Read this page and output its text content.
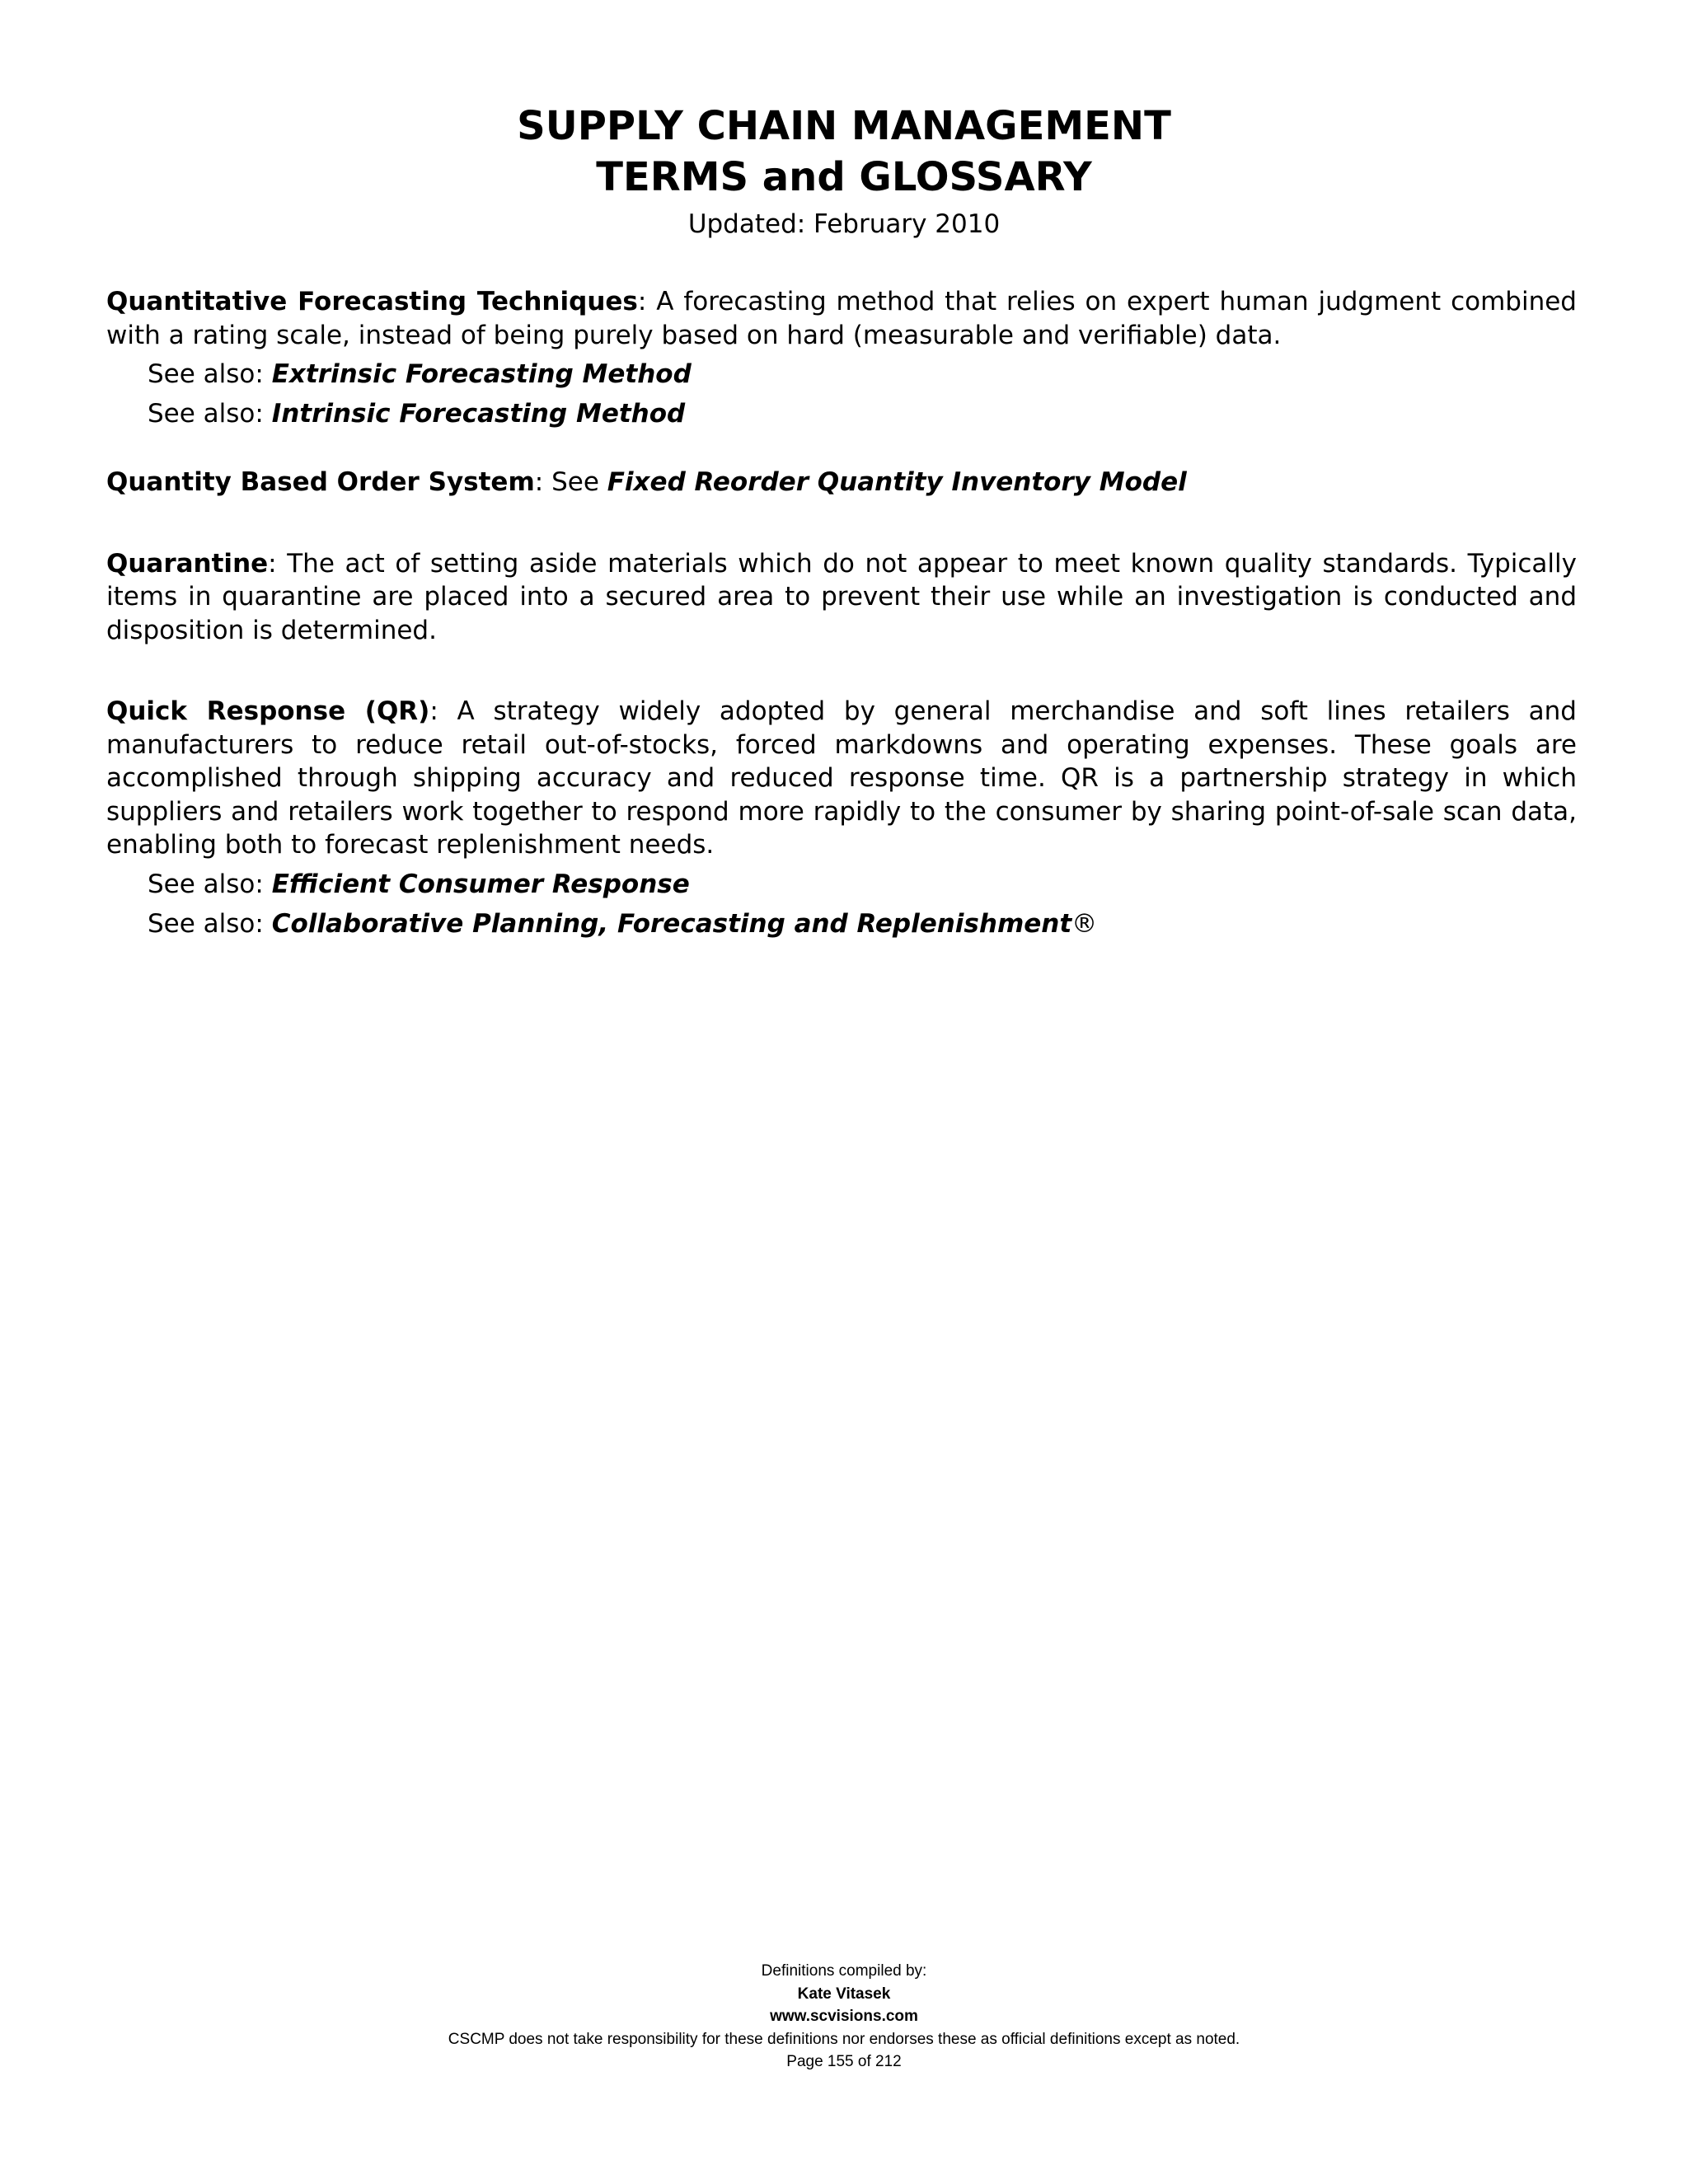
SUPPLY CHAIN MANAGEMENT
TERMS and GLOSSARY
Updated: February 2010

Quantitative Forecasting Techniques: A forecasting method that relies on expert human judgment combined with a rating scale, instead of being purely based on hard (measurable and verifiable) data.

See also: Extrinsic Forecasting Method
See also: Intrinsic Forecasting Method

Quantity Based Order System: See Fixed Reorder Quantity Inventory Model

Quarantine: The act of setting aside materials which do not appear to meet known quality standards. Typically items in quarantine are placed into a secured area to prevent their use while an investigation is conducted and disposition is determined.

Quick Response (QR): A strategy widely adopted by general merchandise and soft lines retailers and manufacturers to reduce retail out-of-stocks, forced markdowns and operating expenses. These goals are accomplished through shipping accuracy and reduced response time. QR is a partnership strategy in which suppliers and retailers work together to respond more rapidly to the consumer by sharing point-of-sale scan data, enabling both to forecast replenishment needs.

See also: Efficient Consumer Response
See also: Collaborative Planning, Forecasting and Replenishment®
Definitions compiled by:
Kate Vitasek
www.scvisions.com
CSCMP does not take responsibility for these definitions nor endorses these as official definitions except as noted.
Page 155 of 212
